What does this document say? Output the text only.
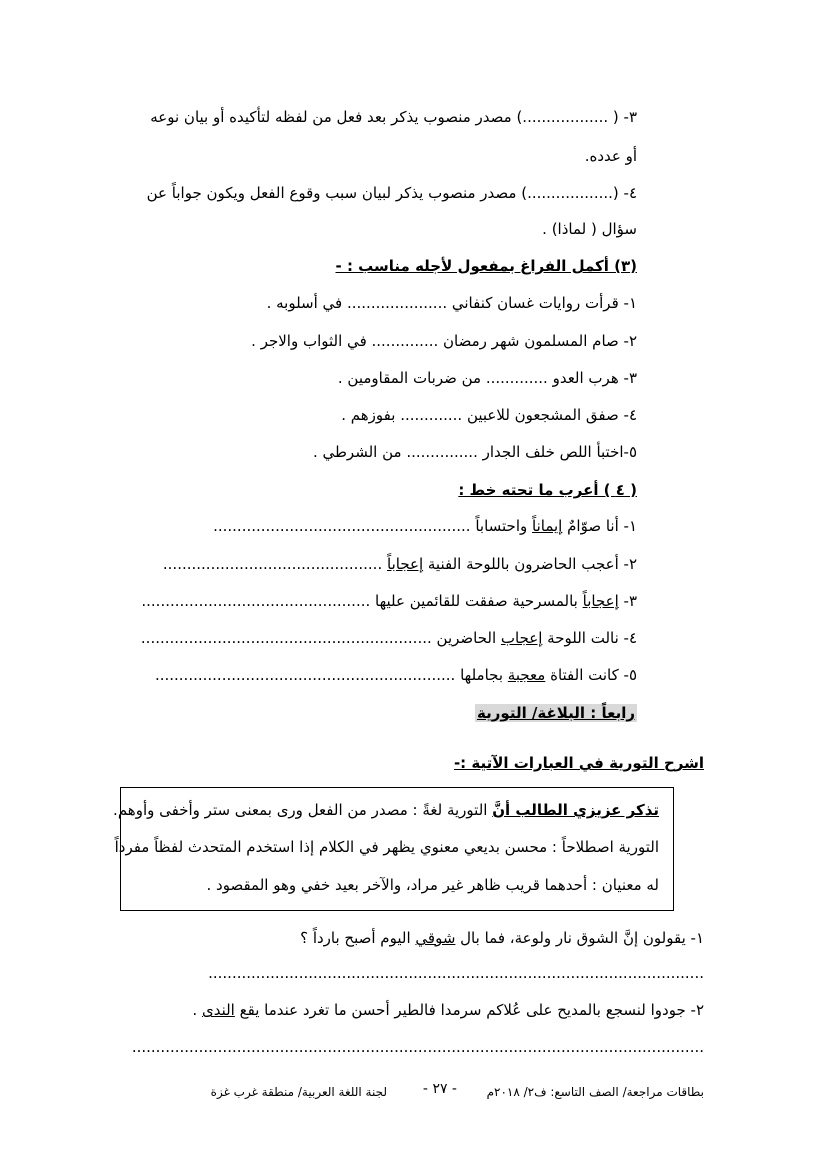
٣- ( ..................) مصدر منصوب يذكر بعد فعل من لفظه لتأكيده أو بيان نوعه
أو عدده.
٤- (..................) مصدر منصوب يذكر لبيان سبب وقوع الفعل ويكون جواباً عن
سؤال ( لماذا) .
(٣) أكمل الفراغ بمفعول لأجله مناسب : -
١- قرأت روايات غسان كنفاني ..................... في أسلوبه .
٢- صام المسلمون شهر رمضان .............. في الثواب والاجر .
٣- هرب العدو ............. من ضربات المقاومين .
٤- صفق المشجعون للاعبين ............. بفوزهم .
٥-اختبأ اللص خلف الجدار ............... من الشرطي .
( ٤ ) أعرب ما تحته خط :
١- أنا صوّامٌ إيماناً واحتساباً ......................................................
٢- أعجب الحاضرون باللوحة الفنية إعجاباً ..............................................
٣- إعجاباً بالمسرحية صفقت للقائمين عليها ................................................
٤- نالت اللوحة إعجاب الحاضرين .............................................................
٥- كانت الفتاة معجبة بجاملها ...............................................................
رابعاً : البلاغة/ التورية
اشرح التورية في العبارات الآتية :-
تذكر عزيزي الطالب أنَّ التورية لغةً : مصدر من الفعل ورى بمعنى ستر وأخفى وأوهم.
التورية اصطلاحاً : محسن بديعي معنوي يظهر في الكلام إذا استخدم المتحدث لفظاً مفرداً
له معنيان : أحدهما قريب ظاهر غير مراد، والآخر بعيد خفي وهو المقصود .
١- يقولون إنَّ الشوق نار ولوعة، فما بال شوقي اليوم أصبح بارداً ؟
........................................................................................................
٢- جودوا لنسجع بالمديح على عُلاكم سرمدا فالطير أحسن ما تغرد عندما يقع الندى .
........................................................................................................................
بطاقات مراجعة/ الصف التاسع: ف٢/ ٢٠١٨م
- ٢٧ -
لجنة اللغة العربية/ منطقة غرب غزة
